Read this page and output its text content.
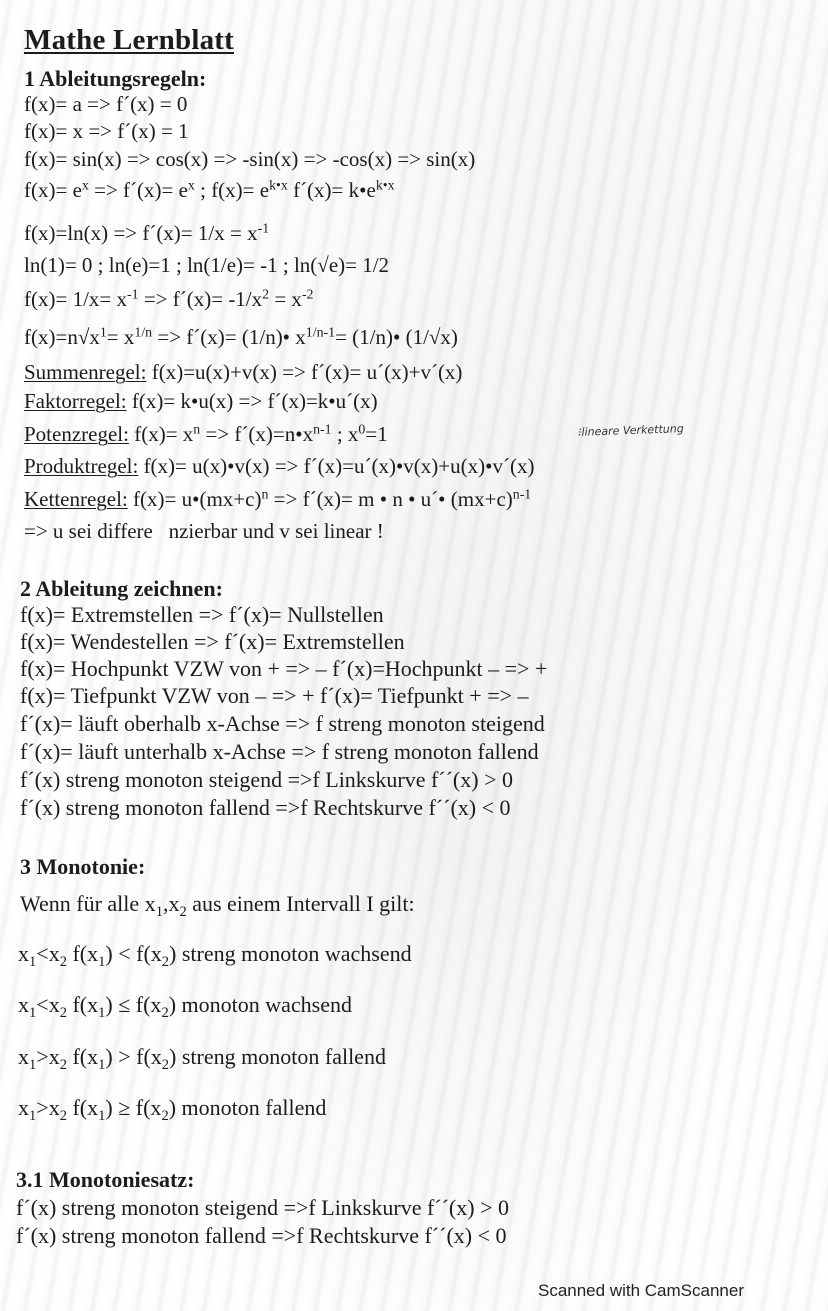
Mathe Lernblatt
1 Ableitungsregeln:
f(x)= a => f´(x) = 0
f(x)= x => f´(x) = 1
f(x)= sin(x) => cos(x) => -sin(x) => -cos(x) => sin(x)
$f(x)= e^x$ => f´(x)= $e^x$ ; $f(x)= e^{k•x}$ f´(x)= $k•e^{k•x}$
f(x)=ln(x) => f´(x)= $1/x = x^{-1}$
ln(1)= 0 ; ln(e)=1 ; ln(1/e)= -1 ; ln(√e)= 1/2
$f(x)= 1/x= x^{-1}$ => f´(x)= $-1/x^2 = x^{-2}$
$f(x)=n√x^1= x^{1/n}$ => f´(x)= (1/n)• $x^{1/n-1}=$ (1/n)• (1/√x)
Summenregel: f(x)=u(x)+v(x) => f´(x)= u´(x)+v´(x)
Faktorregel: f(x)= k•u(x) => f´(x)=k•u´(x)
Potenzregel: $f(x)= x^n$ => $f´(x)=n•x^{n-1}$ ; $x^0=1$	⁝lineare Verkettung
Produktregel: f(x)= u(x)•v(x) => f´(x)=u´(x)•v(x)+u(x)•v´(x)
Kettenregel: $f(x)= u•(mx+c)^n$ => f´(x)= m • n • u´• $(mx+c)^{n-1}$
=> u sei differe   nzierbar und v sei linear !
2 Ableitung zeichnen:
f(x)= Extremstellen => f´(x)= Nullstellen
f(x)= Wendestellen => f´(x)= Extremstellen
f(x)= Hochpunkt VZW von + => – f´(x)=Hochpunkt – => +
f(x)= Tiefpunkt VZW von – => + f´(x)= Tiefpunkt + => –
f´(x)= läuft oberhalb x-Achse => f streng monoton steigend
f´(x)= läuft unterhalb x-Achse => f streng monoton fallend
f´(x) streng monoton steigend =>f Linkskurve f´´(x) > 0
f´(x) streng monoton fallend =>f Rechtskurve f´´(x) < 0
3 Monotonie:
Wenn für alle $x_1,x_2$ aus einem Intervall I gilt:
$x_1<x_2$ $f(x_1) < f(x_2)$ streng monoton wachsend
$x_1<x_2$ $f(x_1) \le f(x_2)$ monoton wachsend
$x_1>x_2$ $f(x_1) > f(x_2)$ streng monoton fallend
$x_1>x_2$ $f(x_1) \ge f(x_2)$ monoton fallend
3.1 Monotoniesatz:
f´(x) streng monoton steigend =>f Linkskurve f´´(x) > 0
f´(x) streng monoton fallend =>f Rechtskurve f´´(x) < 0
Scanned with CamScanner
